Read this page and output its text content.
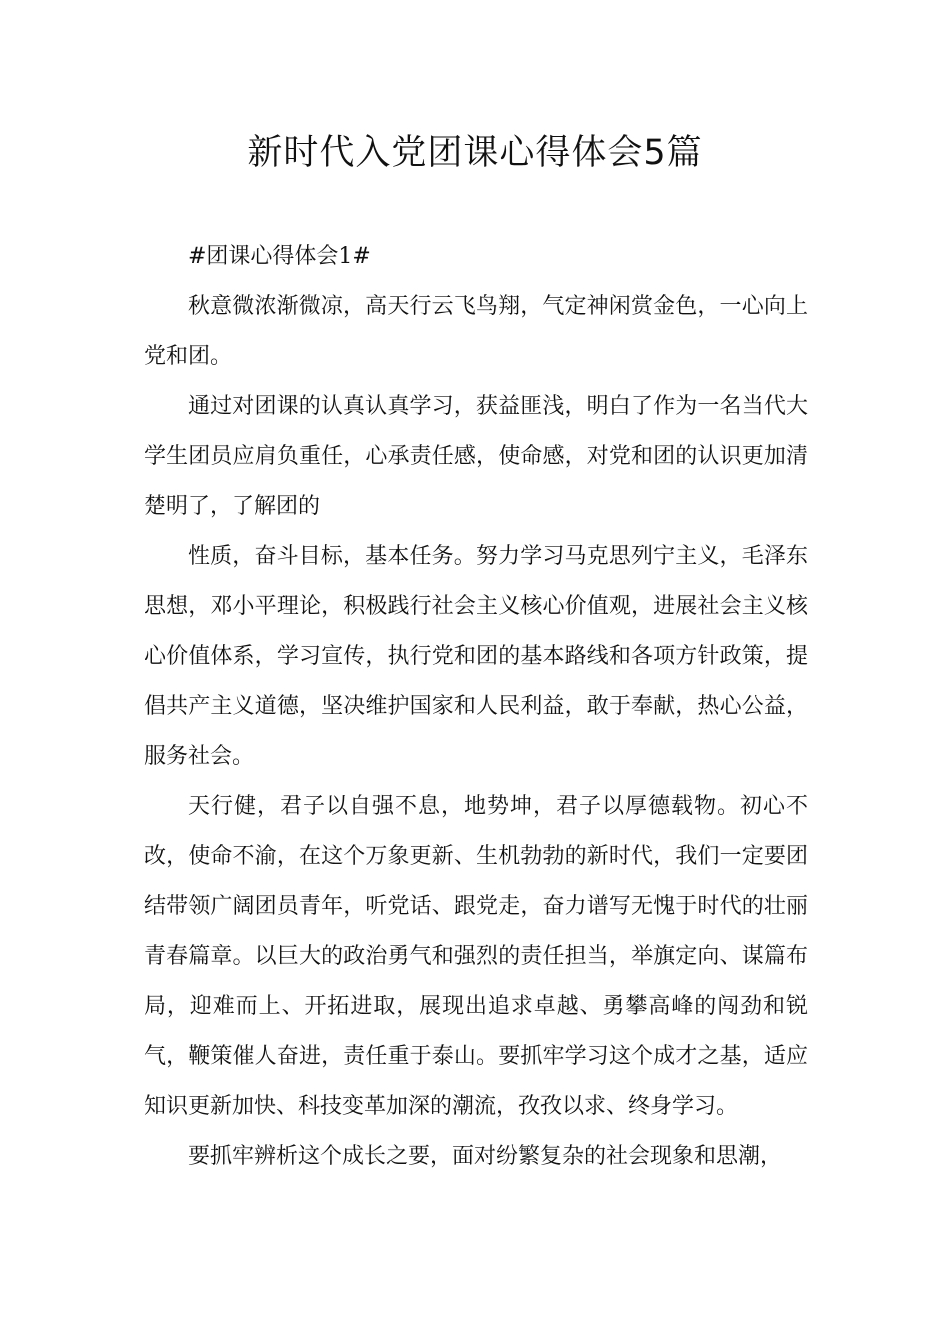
新时代入党团课心得体会5篇

#团课心得体会1#

秋意微浓渐微凉，高天行云飞鸟翔，气定神闲赏金色，一心向上党和团。

通过对团课的认真认真学习，获益匪浅，明白了作为一名当代大学生团员应肩负重任，心承责任感，使命感，对党和团的认识更加清楚明了，了解团的

性质，奋斗目标，基本任务。努力学习马克思列宁主义，毛泽东思想，邓小平理论，积极践行社会主义核心价值观，进展社会主义核心价值体系，学习宣传，执行党和团的基本路线和各项方针政策，提倡共产主义道德，坚决维护国家和人民利益，敢于奉献，热心公益，服务社会。

天行健，君子以自强不息，地势坤，君子以厚德载物。初心不改，使命不渝，在这个万象更新、生机勃勃的新时代，我们一定要团结带领广阔团员青年，听党话、跟党走，奋力谱写无愧于时代的壮丽青春篇章。以巨大的政治勇气和强烈的责任担当，举旗定向、谋篇布局，迎难而上、开拓进取，展现出追求卓越、勇攀高峰的闯劲和锐气，鞭策催人奋进，责任重于泰山。要抓牢学习这个成才之基，适应知识更新加快、科技变革加深的潮流，孜孜以求、终身学习。

要抓牢辨析这个成长之要，面对纷繁复杂的社会现象和思潮，
